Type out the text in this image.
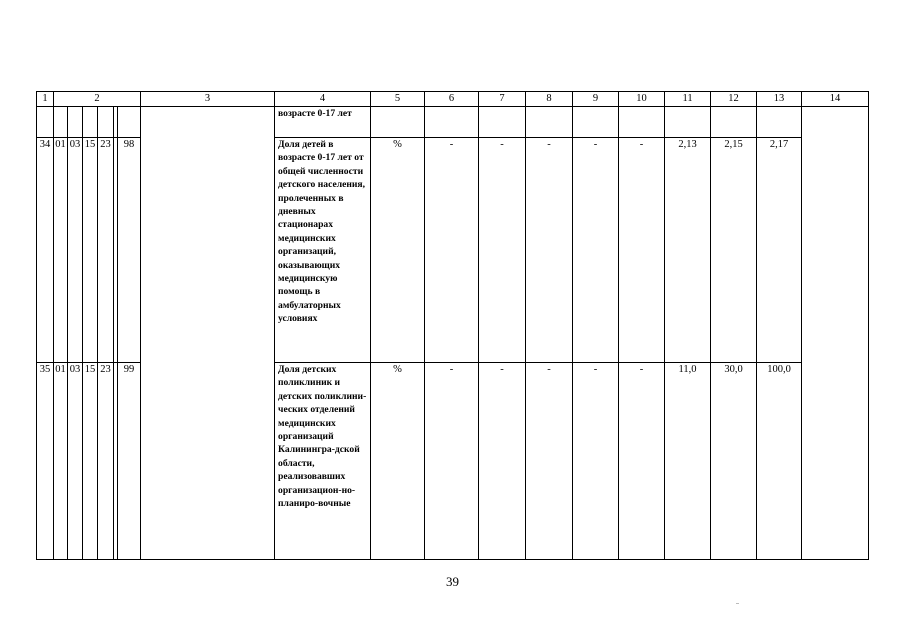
1	2						3	4	5	6	7	8	9	10	11	12	13	14
								возрасте 0-17 лет										
34	01	03	15	23		98		Доля детей в возрасте 0-17 лет от общей численности детского населения, пролеченных в дневных стационарах медицинских организаций, оказывающих медицинскую помощь в амбулаторных условиях	%	-	-	-	-	-	2,13	2,15	2,17	
35	01	03	15	23		99		Доля детских поликлиник и детских поликлини-ческих отделений медицинских организаций Калинингра-дской области, реализовавших организацион-но-планиро-вочные	%	-	-	-	-	-	11,0	30,0	100,0	
39
